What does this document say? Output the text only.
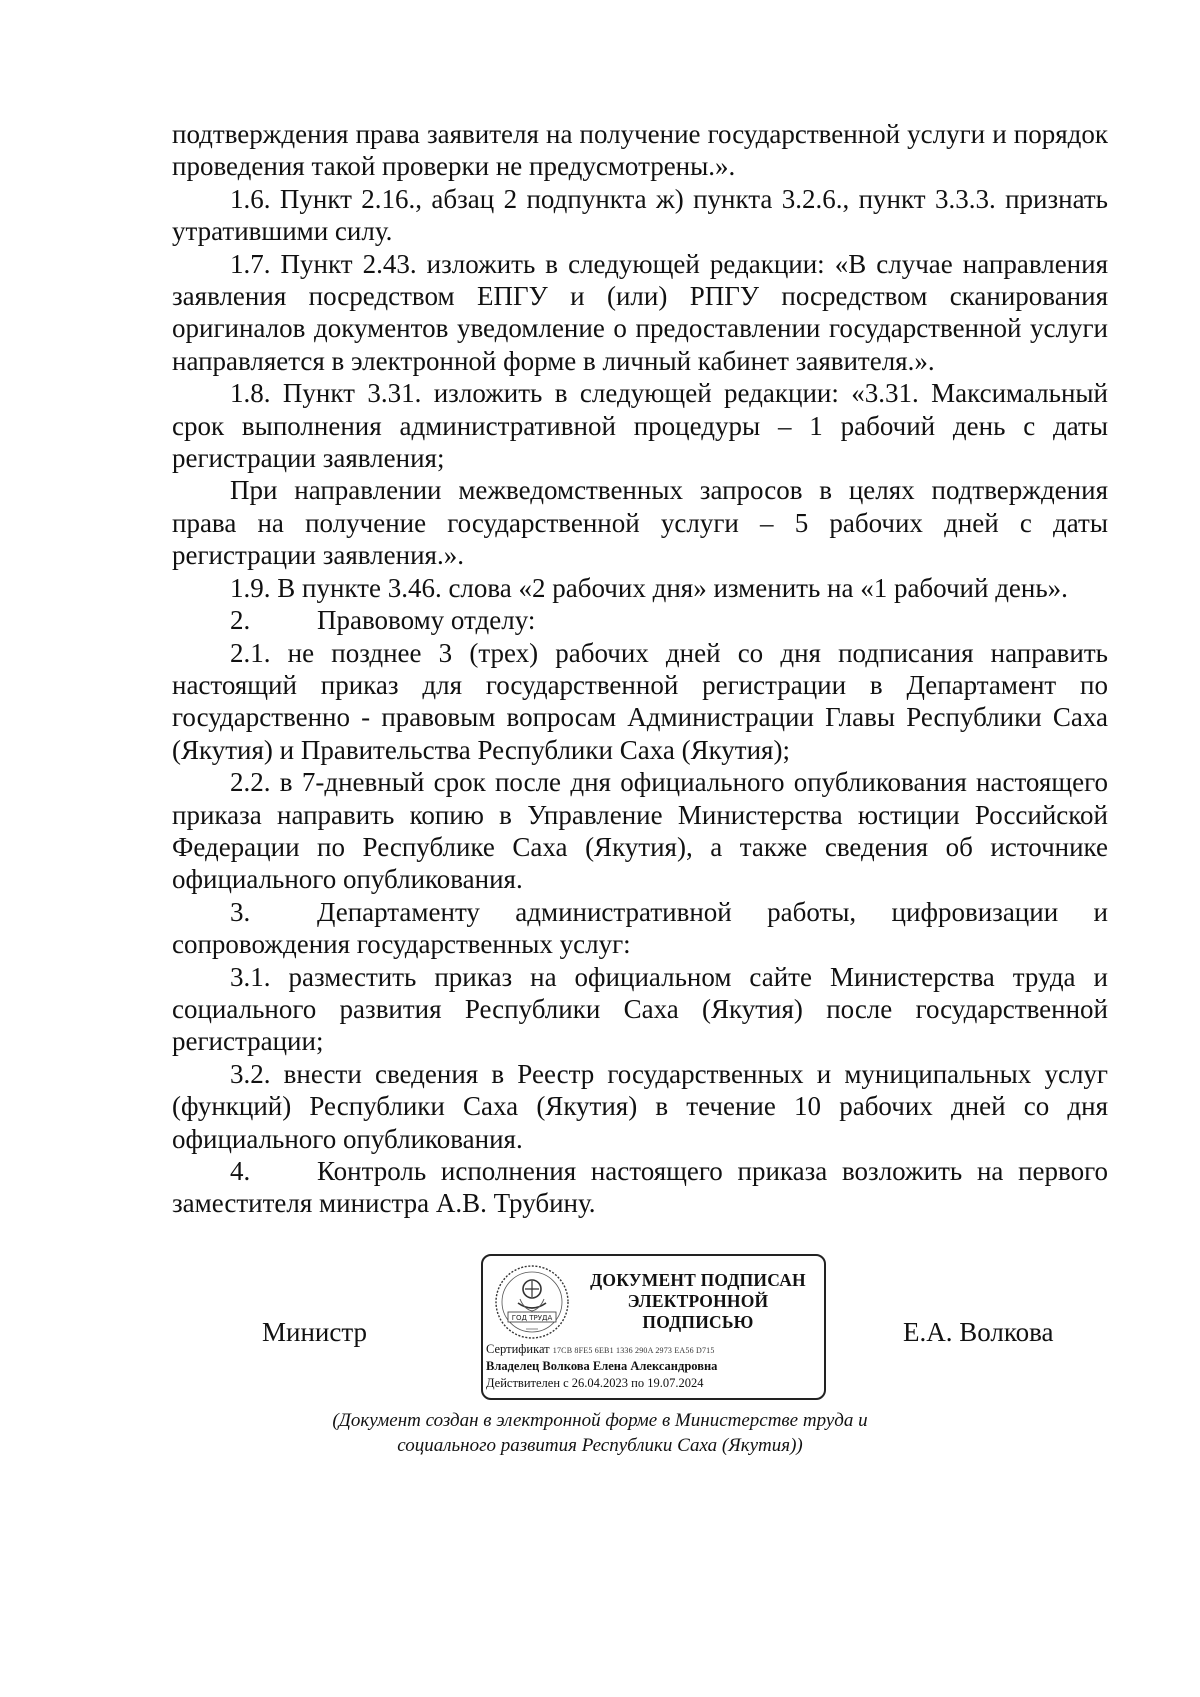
подтверждения права заявителя на получение государственной услуги и порядок проведения такой проверки не предусмотрены.».

1.6. Пункт 2.16., абзац 2 подпункта ж) пункта 3.2.6., пункт 3.3.3. признать утратившими силу.

1.7. Пункт 2.43. изложить в следующей редакции: «В случае направления заявления посредством ЕПГУ и (или) РПГУ посредством сканирования оригиналов документов уведомление о предоставлении государственной услуги направляется в электронной форме в личный кабинет заявителя.».

1.8. Пункт 3.31. изложить в следующей редакции: «3.31. Максимальный срок выполнения административной процедуры – 1 рабочий день с даты регистрации заявления;

При направлении межведомственных запросов в целях подтверждения права на получение государственной услуги – 5 рабочих дней с даты регистрации заявления.».

1.9. В пункте 3.46. слова «2 рабочих дня» изменить на «1 рабочий день».

2. Правовому отделу:

2.1. не позднее 3 (трех) рабочих дней со дня подписания направить настоящий приказ для государственной регистрации в Департамент по государственно - правовым вопросам Администрации Главы Республики Саха (Якутия) и Правительства Республики Саха (Якутия);

2.2. в 7-дневный срок после дня официального опубликования настоящего приказа направить копию в Управление Министерства юстиции Российской Федерации по Республике Саха (Якутия), а также сведения об источнике официального опубликования.

3. Департаменту административной работы, цифровизации и сопровождения государственных услуг:

3.1. разместить приказ на официальном сайте Министерства труда и социального развития Республики Саха (Якутия) после государственной регистрации;

3.2. внести сведения в Реестр государственных и муниципальных услуг (функций) Республики Саха (Якутия) в течение 10 рабочих дней со дня официального опубликования.

4. Контроль исполнения настоящего приказа возложить на первого заместителя министра А.В. Трубину.

Министр	ГОД ТРУДА
ДОКУМЕНТ ПОДПИСАН
ЭЛЕКТРОННОЙ ПОДПИСЬЮ
Сертификат 17CB 8FE5 6EB1 1336 290A 2973 EA56 D715
Владелец Волкова Елена Александровна
Действителен с 26.04.2023 по 19.07.2024
Е.А. Волкова
(Документ создан в электронной форме в Министерстве труда и
социального развития Республики Саха (Якутия))
